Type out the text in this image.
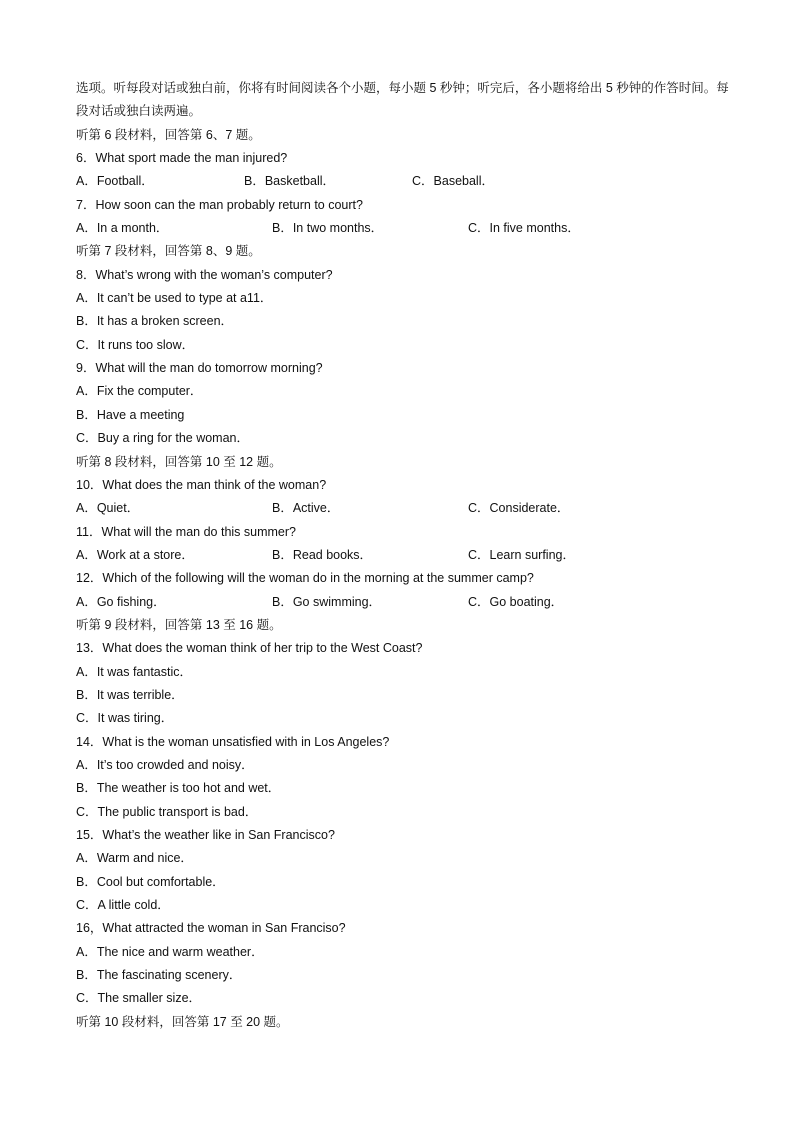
选项。听每段对话或独白前，你将有时间阅读各个小题，每小题 5 秒钟；听完后，各小题将给出 5 秒钟的作答时间。每段对话或独白读两遍。
听第 6 段材料，回答第 6、7 题。
6．What sport made the man injured?
A．Football．	B．Basketball．	C．Baseball．
7．How soon can the man probably return to court?
A．In a month．	B．In two months．	C．In five months．
听第 7 段材料，回答第 8、9 题。
8．What’s wrong with the woman’s computer?
A．It can’t be used to type at a11．
B．It has a broken screen．
C．It runs too slow．
9．What will the man do tomorrow morning?
A．Fix the computer．
B．Have a meeting
C．Buy a ring for the woman．
听第 8 段材料，回答第 10 至 12 题。
10．What does the man think of the woman?
A．Quiet．	B．Active．	C．Considerate．
11．What will the man do this summer?
A．Work at a store．	B．Read books．	C．Learn surfing．
12．Which of the following will the woman do in the morning at the summer camp?
A．Go fishing．	B．Go swimming．	C．Go boating．
听第 9 段材料，回答第 13 至 16 题。
13．What does the woman think of her trip to the West Coast?
A．It was fantastic．
B．It was terrible．
C．It was tiring．
14．What is the woman unsatisfied with in Los Angeles?
A．It’s too crowded and noisy．
B．The weather is too hot and wet．
C．The public transport is bad．
15．What’s the weather like in San Francisco?
A．Warm and nice．
B．Cool but comfortable．
C．A little cold．
16，What attracted the woman in San Franciso?
A．The nice and warm weather．
B．The fascinating scenery．
C．The smaller size．
听第 10 段材料，回答第 17 至 20 题。
